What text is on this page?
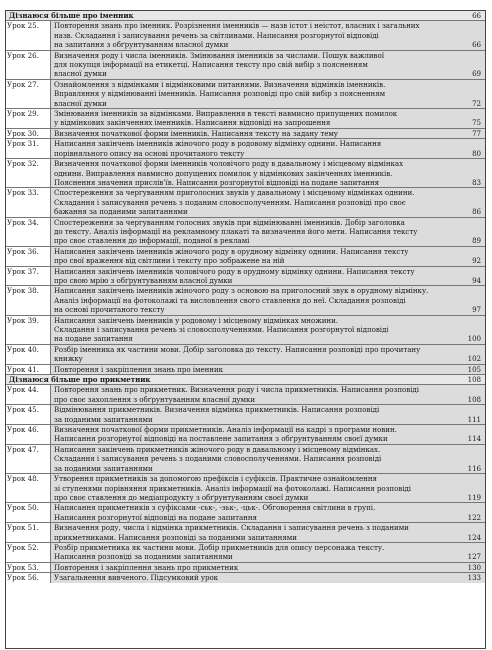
Дізнаюся більше про іменник	66
Урок 25.	Повторення знань про іменник. Розрізнення іменників — назв істот і неістот, власних і загальних
назв. Складання і записування речень за світлинами. Написання розгорнутої відповіді
на запитання з обґрунтуванням власної думки	66
Урок 26.	Визначення роду і числа іменників. Змінювання іменників за числами. Пошук важливої
для покупця інформації на етикетці. Написання тексту про свій вибір з поясненням
власної думки	69
Урок 27.	Ознайомлення з відмінками і відмінковими питаннями. Визначення відмінків іменників.
Вправляння у відмінюванні іменників. Написання розповіді про свій вибір з поясненням
власної думки	72
Урок 29.	Змінювання іменників за відмінками. Виправлення в тексті навмисно припущених помилок
у відмінкових закінченнях іменників. Написання відповіді на запрошення	75
Урок 30.	Визначення початкової форми іменників. Написання тексту на задану тему	77
Урок 31.	Написання закінчень іменників жіночого роду в родовому відмінку однини. Написання
порівняльного опису на основі прочитаного тексту	80
Урок 32.	Визначення початкової форми іменників чоловічого роду в давальному і місцевому відмінках
однини. Виправлення навмисно допущених помилок у відмінкових закінченнях іменників.
Пояснення значення прислів’їв. Написання розгорнутої відповіді на подане запитання	83
Урок 33.	Спостереження за чергуванням приголосних звуків у давальному і місцевому відмінках однини.
Складання і записування речень з поданим словосполученням. Написання розповіді про своє
бажання за поданими запитаннями	86
Урок 34.	Спостереження за чергуванням голосних звуків при відмінюванні іменників. Добір заголовка
до тексту. Аналіз інформації на рекламному плакаті та визначення його мети. Написання тексту
про своє ставлення до інформації, поданої в рекламі	89
Урок 36.	Написання закінчень іменників жіночого роду в орудному відмінку однини. Написання тексту
про свої враження від світлини і тексту про зображене на ній	92
Урок 37.	Написання закінчень іменників чоловічого роду в орудному відмінку однини. Написання тексту
про свою мрію з обґрунтуванням власної думки	94
Урок 38.	Написання закінчень іменників жіночого роду з основою на приголосний звук в орудному відмінку.
Аналіз інформації на фотоколажі та висловлення свого ставлення до неї. Складання розповіді
на основі прочитаного тексту	97
Урок 39.	Написання закінчень іменників у родовому і місцевому відмінках множини.
Складання і записування речень зі словосполученнями. Написання розгорнутої відповіді
на подане запитання	100
Урок 40.	Розбір іменника як частини мови. Добір заголовка до тексту. Написання розповіді про прочитану
книжку	102
Урок 41.	Повторення і закріплення знань про іменник	105
Дізнаюся більше про прикметник	108
Урок 44.	Повторення знань про прикметник. Визначення роду і числа прикметників. Написання розповіді
про своє захоплення з обґрунтуванням власної думки	108
Урок 45.	Відмінювання прикметників. Визначення відмінка прикметників. Написання розповіді
за поданими запитаннями	111
Урок 46.	Визначення початкової форми прикметників. Аналіз інформації на кадрі з програми новин.
Написання розгорнутої відповіді на поставлене запитання з обґрунтуванням своєї думки	114
Урок 47.	Написання закінчень прикметників жіночого роду в давальному і місцевому відмінках.
Складання і записування речень з поданими словосполученнями. Написання розповіді
за поданими запитаннями	116
Урок 48.	Утворення прикметників за допомогою префіксів і суфіксів. Практичне ознайомлення
зі ступенями порівняння прикметників. Аналіз інформації на фотоколажі. Написання розповіді
про своє ставлення до медіапродукту з обґрунтуванням своєї думки	119
Урок 50.	Написання прикметників з суфіксами -ськ-, -зьк-, -цьк-. Обговорення світлини в групі.
Написання розгорнутої відповіді на подане запитання	122
Урок 51.	Визначення роду, числа і відмінка прикметників. Складання і записування речень з поданими
прикметниками. Написання розповіді за поданими запитаннями	124
Урок 52.	Розбір прикметника як частини мови. Добір прикметників для опису персонажа тексту.
Написання розповіді за поданими запитаннями	127
Урок 53.	Повторення і закріплення знань про прикметник	130
Урок 56.	Узагальнення вивченого. Підсумковий урок	133
